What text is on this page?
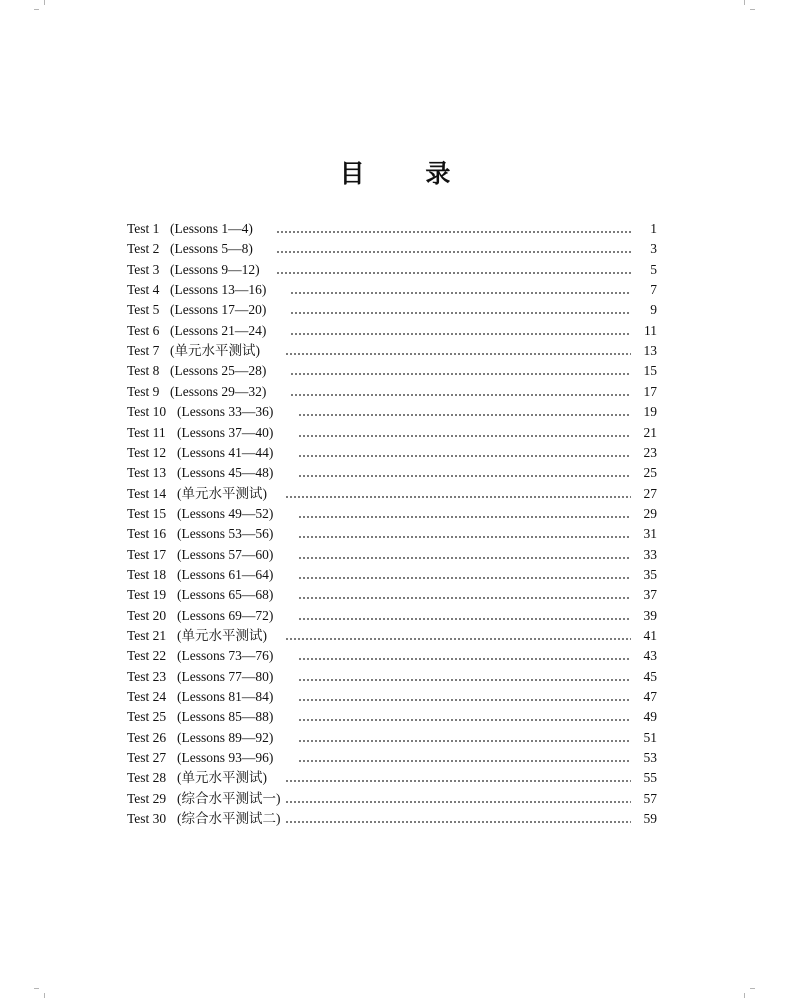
目 录
Test 1 (Lessons 1—4)	1
Test 2 (Lessons 5—8)	3
Test 3 (Lessons 9—12)	5
Test 4 (Lessons 13—16)	7
Test 5 (Lessons 17—20)	9
Test 6 (Lessons 21—24)	11
Test 7 (单元水平测试)	13
Test 8 (Lessons 25—28)	15
Test 9 (Lessons 29—32)	17
Test 10 (Lessons 33—36)	19
Test 11 (Lessons 37—40)	21
Test 12 (Lessons 41—44)	23
Test 13 (Lessons 45—48)	25
Test 14 (单元水平测试)	27
Test 15 (Lessons 49—52)	29
Test 16 (Lessons 53—56)	31
Test 17 (Lessons 57—60)	33
Test 18 (Lessons 61—64)	35
Test 19 (Lessons 65—68)	37
Test 20 (Lessons 69—72)	39
Test 21 (单元水平测试)	41
Test 22 (Lessons 73—76)	43
Test 23 (Lessons 77—80)	45
Test 24 (Lessons 81—84)	47
Test 25 (Lessons 85—88)	49
Test 26 (Lessons 89—92)	51
Test 27 (Lessons 93—96)	53
Test 28 (单元水平测试)	55
Test 29 (综合水平测试一)	57
Test 30 (综合水平测试二)	59
